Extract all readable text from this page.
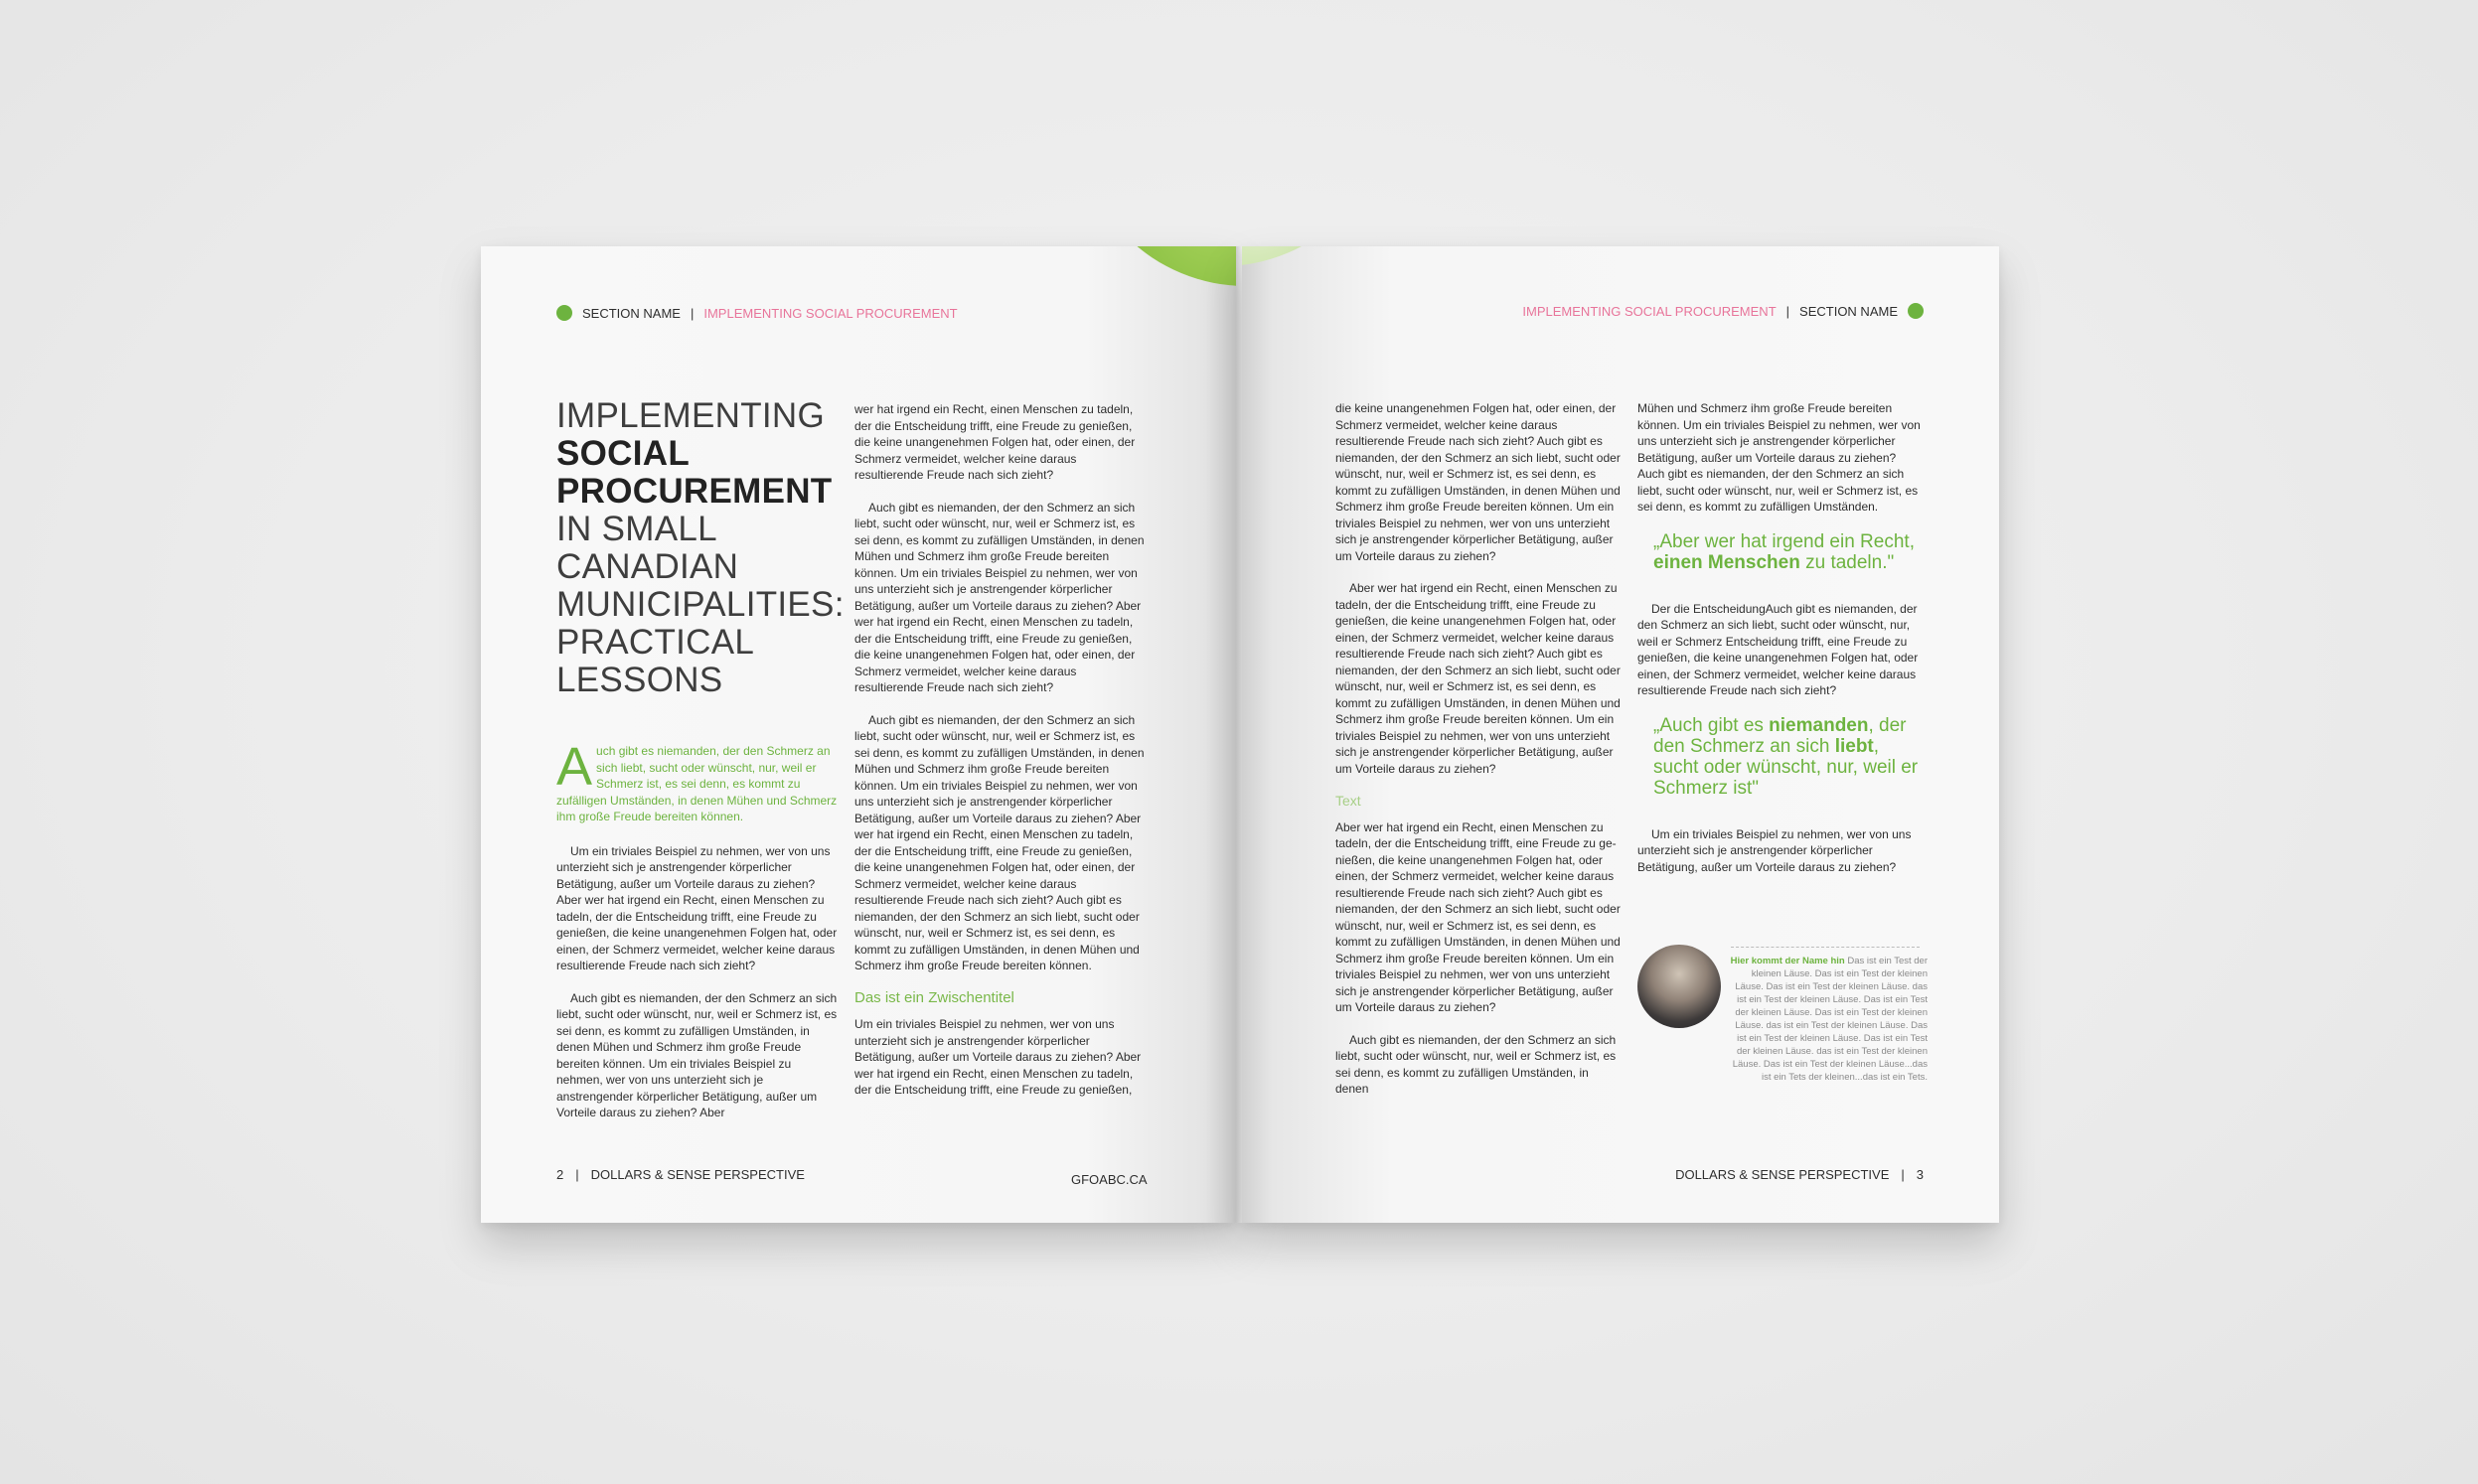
SECTION NAME | IMPLEMENTING SOCIAL PROCUREMENT
IMPLEMENTING
SOCIAL
PROCUREMENT
IN SMALL
CANADIAN
MUNICIPALITIES:
PRACTICAL
LESSONS
A uch gibt es niemanden, der den Schmerz an sich liebt, sucht oder wünscht, nur, weil er Schmerz ist, es sei denn, es kommt zu zufälligen Umständen, in denen Mühen und Schmerz ihm große Freude bereiten können.

Um ein triviales Beispiel zu nehmen, wer von uns unterzieht sich je anstrengender körperlicher Betätigung, außer um Vorteile daraus zu ziehen? Aber wer hat irgend ein Recht, einen Menschen zu tadeln, der die Entscheidung trifft, eine Freude zu genießen, die keine unangenehmen Folgen hat, oder einen, der Schmerz vermeidet, welcher keine daraus resultierende Freude nach sich zieht?

Auch gibt es niemanden, der den Schmerz an sich liebt, sucht oder wünscht, nur, weil er Schmerz ist, es sei denn, es kommt zu zufälligen Umständen, in denen Mühen und Schmerz ihm große Freude bereiten können. Um ein triviales Beispiel zu nehmen, wer von uns unterzieht sich je anstrengender körperlicher Betätigung, außer um Vorteile daraus zu ziehen? Aber

wer hat irgend ein Recht, einen Menschen zu tadeln, der die Entscheidung trifft, eine Freude zu genießen, die keine unangenehmen Folgen hat, oder einen, der Schmerz vermeidet, welcher keine daraus resultierende Freude nach sich zieht?

Auch gibt es niemanden, der den Schmerz an sich liebt, sucht oder wünscht, nur, weil er Schmerz ist, es sei denn, es kommt zu zufälligen Umständen, in denen Mühen und Schmerz ihm große Freude bereiten können. Um ein triviales Beispiel zu nehmen, wer von uns unterzieht sich je anstrengender körperlicher Betätigung, außer um Vorteile daraus zu ziehen? Aber wer hat irgend ein Recht, einen Menschen zu tadeln, der die Entscheidung trifft, eine Freude zu genießen, die keine unangenehmen Folgen hat, oder einen, der Schmerz vermeidet, welcher keine daraus resultierende Freude nach sich zieht?

Auch gibt es niemanden, der den Schmerz an sich liebt, sucht oder wünscht, nur, weil er Schmerz ist, es sei denn, es kommt zu zufälligen Umständen, in denen Mühen und Schmerz ihm große Freude bereiten können. Um ein triviales Beispiel zu nehmen, wer von uns unterzieht sich je anstrengender körperlicher Betätigung, außer um Vorteile daraus zu ziehen? Aber wer hat irgend ein Recht, einen Menschen zu tadeln, der die Entscheidung trifft, eine Freude zu genießen, die keine unangenehmen Folgen hat, oder einen, der Schmerz vermeidet, welcher keine daraus resultierende Freude nach sich zieht? Auch gibt es niemanden, der den Schmerz an sich liebt, sucht oder wünscht, nur, weil er Schmerz ist, es sei denn, es kommt zu zufälligen Umständen, in denen Mühen und Schmerz ihm große Freude bereiten können.

Das ist ein Zwischentitel

Um ein triviales Beispiel zu nehmen, wer von uns unterzieht sich je anstrengender körperlicher Betätigung, außer um Vorteile daraus zu ziehen? Aber wer hat irgend ein Recht, einen Menschen zu tadeln, der die Entscheidung trifft, eine Freude zu genießen,

2 | DOLLARS & SENSE PERSPECTIVE	GFOABC.CA
IMPLEMENTING SOCIAL PROCUREMENT | SECTION NAME

die keine unangenehmen Folgen hat, oder einen, der Schmerz vermeidet, welcher keine daraus resultierende Freude nach sich zieht? Auch gibt es niemanden, der den Schmerz an sich liebt, sucht oder wünscht, nur, weil er Schmerz ist, es sei denn, es kommt zu zufälligen Umständen, in denen Mühen und Schmerz ihm große Freude bereiten können. Um ein triviales Beispiel zu nehmen, wer von uns unterzieht sich je anstrengender körperlicher Betätigung, außer um Vorteile daraus zu ziehen?

Aber wer hat irgend ein Recht, einen Menschen zu tadeln, der die Entscheidung trifft, eine Freude zu genießen, die keine unangenehmen Folgen hat, oder einen, der Schmerz vermeidet, welcher keine daraus resultierende Freude nach sich zieht? Auch gibt es niemanden, der den Schmerz an sich liebt, sucht oder wünscht, nur, weil er Schmerz ist, es sei denn, es kommt zu zufälligen Umständen, in denen Mühen und Schmerz ihm große Freude bereiten können. Um ein triviales Beispiel zu nehmen, wer von uns unterzieht sich je anstrengender körperlicher Betätigung, außer um Vorteile daraus zu ziehen?

Text

Aber wer hat irgend ein Recht, einen Menschen zu tadeln, der die Entscheidung trifft, eine Freude zu ge-nießen, die keine unangenehmen Folgen hat, oder einen, der Schmerz vermeidet, welcher keine daraus resultierende Freude nach sich zieht? Auch gibt es niemanden, der den Schmerz an sich liebt, sucht oder wünscht, nur, weil er Schmerz ist, es sei denn, es kommt zu zufälligen Umständen, in denen Mühen und Schmerz ihm große Freude bereiten können. Um ein triviales Beispiel zu nehmen, wer von uns unterzieht sich je anstrengender körperlicher Betätigung, außer um Vorteile daraus zu ziehen?

Auch gibt es niemanden, der den Schmerz an sich liebt, sucht oder wünscht, nur, weil er Schmerz ist, es sei denn, es kommt zu zufälligen Umständen, in denen

Mühen und Schmerz ihm große Freude bereiten können. Um ein triviales Beispiel zu nehmen, wer von uns unterzieht sich je anstrengender körperlicher Betätigung, außer um Vorteile daraus zu ziehen? Auch gibt es niemanden, der den Schmerz an sich liebt, sucht oder wünscht, nur, weil er Schmerz ist, es sei denn, es kommt zu zufälligen Umständen.

„Aber wer hat irgend ein Recht, einen Menschen zu tadeln."

Der die EntscheidungAuch gibt es niemanden, der den Schmerz an sich liebt, sucht oder wünscht, nur, weil er Schmerz Entscheidung trifft, eine Freude zu genießen, die keine unangenehmen Folgen hat, oder einen, der Schmerz vermeidet, welcher keine daraus resultierende Freude nach sich zieht?

„Auch gibt es niemanden, der den Schmerz an sich liebt, sucht oder wünscht, nur, weil er Schmerz ist"

Um ein triviales Beispiel zu nehmen, wer von uns unterzieht sich je anstrengender körperlicher Betätigung, außer um Vorteile daraus zu ziehen?

Hier kommt der Name hin Das ist ein Test der kleinen Läuse. Das ist ein Test der kleinen Läuse. Das ist ein Test der kleinen Läuse. das ist ein Test der kleinen Läuse. Das ist ein Test der kleinen Läuse. Das ist ein Test der kleinen Läuse. das ist ein Test der kleinen Läuse. Das ist ein Test der kleinen Läuse. Das ist ein Test der kleinen Läuse. das ist ein Test der kleinen Läuse. Das ist ein Test der kleinen Läuse...das ist ein Tets der kleinen...das ist ein Tets.
DOLLARS & SENSE PERSPECTIVE | 3
